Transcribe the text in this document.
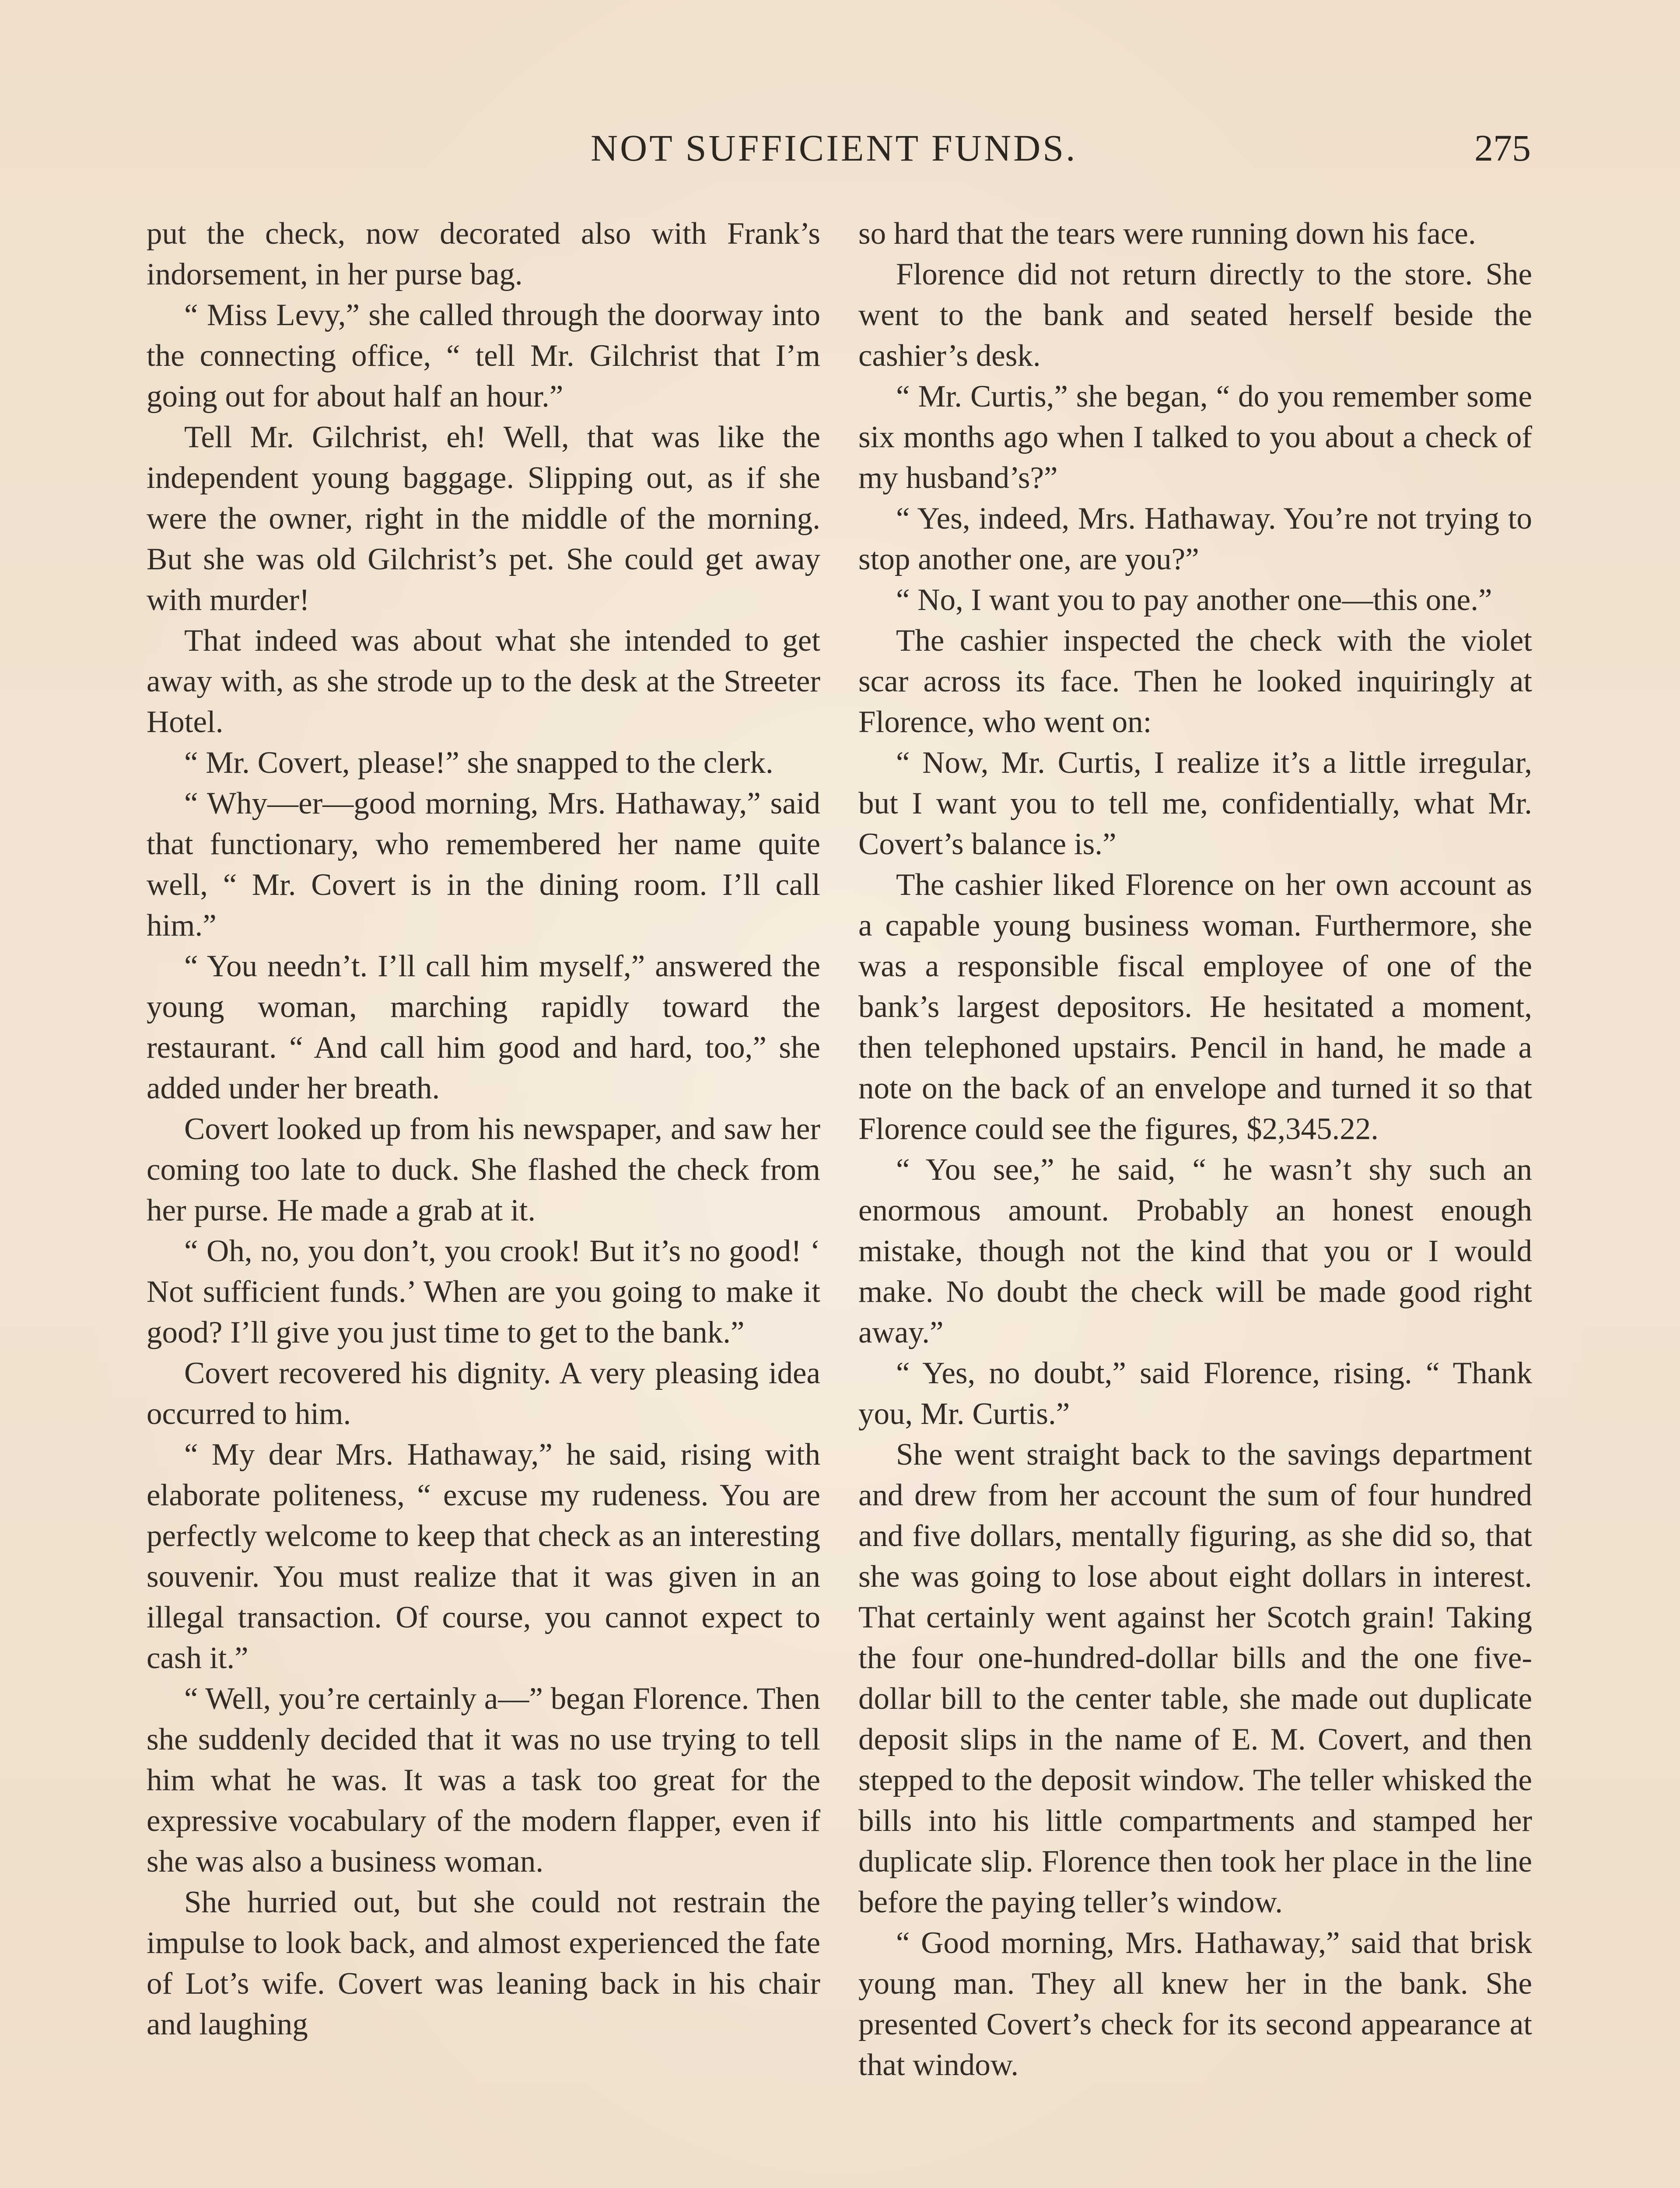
NOT SUFFICIENT FUNDS.	275

put the check, now decorated also with Frank’s indorsement, in her purse bag.

“ Miss Levy,” she called through the doorway into the connecting office, “ tell Mr. Gilchrist that I’m going out for about half an hour.”

Tell Mr. Gilchrist, eh! Well, that was like the independent young baggage. Slipping out, as if she were the owner, right in the middle of the morning. But she was old Gilchrist’s pet. She could get away with murder!

That indeed was about what she intended to get away with, as she strode up to the desk at the Streeter Hotel.

“ Mr. Covert, please!” she snapped to the clerk.

“ Why—er—good morning, Mrs. Hathaway,” said that functionary, who remembered her name quite well, “ Mr. Covert is in the dining room. I’ll call him.”

“ You needn’t. I’ll call him myself,” answered the young woman, marching rapidly toward the restaurant. “ And call him good and hard, too,” she added under her breath.

Covert looked up from his newspaper, and saw her coming too late to duck. She flashed the check from her purse. He made a grab at it.

“ Oh, no, you don’t, you crook! But it’s no good! ‘ Not sufficient funds.’ When are you going to make it good? I’ll give you just time to get to the bank.”

Covert recovered his dignity. A very pleasing idea occurred to him.

“ My dear Mrs. Hathaway,” he said, rising with elaborate politeness, “ excuse my rudeness. You are perfectly welcome to keep that check as an interesting souvenir. You must realize that it was given in an illegal transaction. Of course, you cannot expect to cash it.”

“ Well, you’re certainly a—” began Florence. Then she suddenly decided that it was no use trying to tell him what he was. It was a task too great for the expressive vocabulary of the modern flapper, even if she was also a business woman.

She hurried out, but she could not restrain the impulse to look back, and almost experienced the fate of Lot’s wife. Covert was leaning back in his chair and laughing

so hard that the tears were running down his face.

Florence did not return directly to the store. She went to the bank and seated herself beside the cashier’s desk.

“ Mr. Curtis,” she began, “ do you remember some six months ago when I talked to you about a check of my husband’s?”

“ Yes, indeed, Mrs. Hathaway. You’re not trying to stop another one, are you?”

“ No, I want you to pay another one—this one.”

The cashier inspected the check with the violet scar across its face. Then he looked inquiringly at Florence, who went on:

“ Now, Mr. Curtis, I realize it’s a little irregular, but I want you to tell me, confidentially, what Mr. Covert’s balance is.”

The cashier liked Florence on her own account as a capable young business woman. Furthermore, she was a responsible fiscal employee of one of the bank’s largest depositors. He hesitated a moment, then telephoned upstairs. Pencil in hand, he made a note on the back of an envelope and turned it so that Florence could see the figures, $2,345.22.

“ You see,” he said, “ he wasn’t shy such an enormous amount. Probably an honest enough mistake, though not the kind that you or I would make. No doubt the check will be made good right away.”

“ Yes, no doubt,” said Florence, rising. “ Thank you, Mr. Curtis.”

She went straight back to the savings department and drew from her account the sum of four hundred and five dollars, mentally figuring, as she did so, that she was going to lose about eight dollars in interest. That certainly went against her Scotch grain! Taking the four one-hundred-dollar bills and the one five-dollar bill to the center table, she made out duplicate deposit slips in the name of E. M. Covert, and then stepped to the deposit window. The teller whisked the bills into his little compartments and stamped her duplicate slip. Florence then took her place in the line before the paying teller’s window.

“ Good morning, Mrs. Hathaway,” said that brisk young man. They all knew her in the bank. She presented Covert’s check for its second appearance at that window.
